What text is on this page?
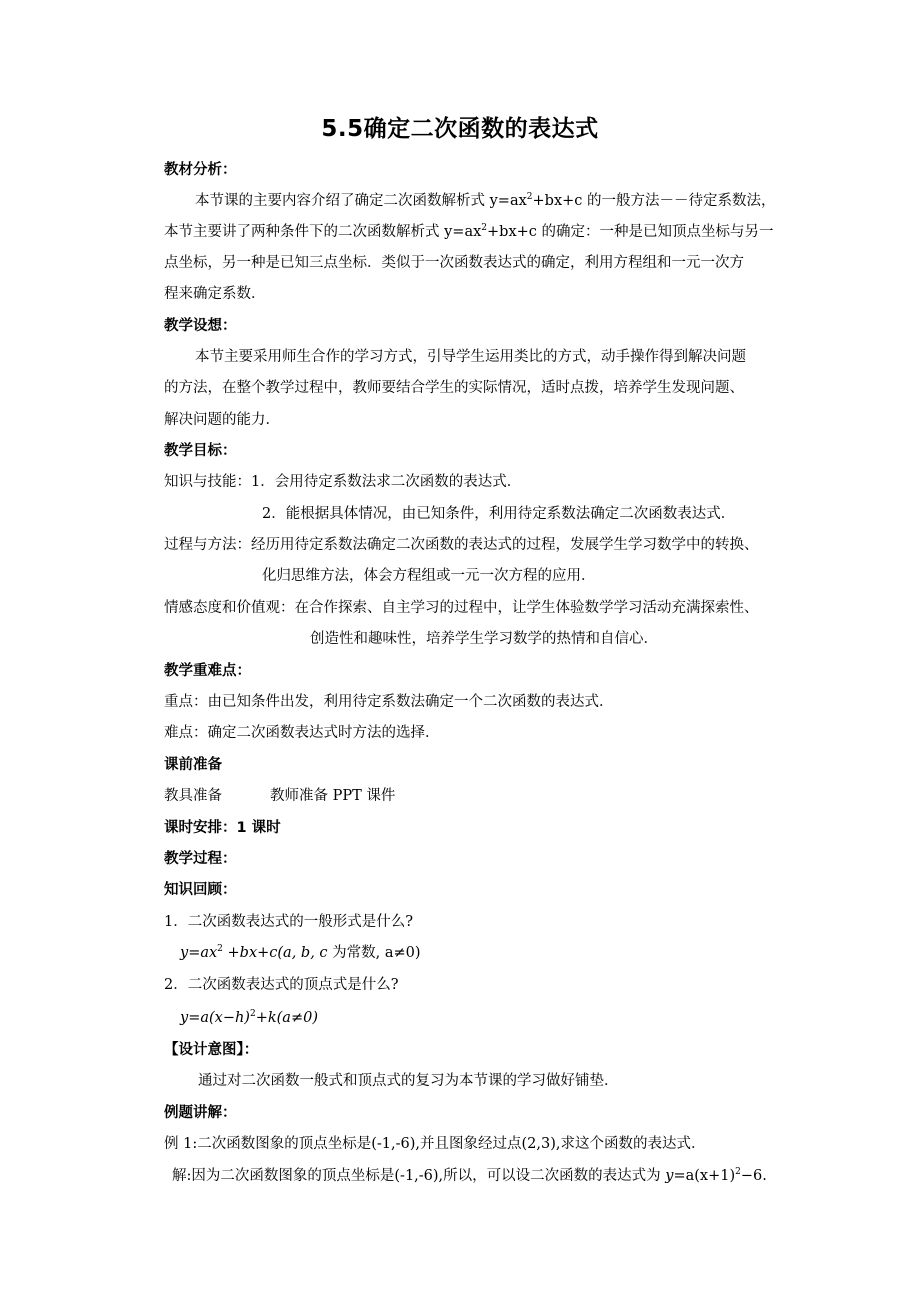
5.5确定二次函数的表达式
教材分析：
本节课的主要内容介绍了确定二次函数解析式 $y=ax^2+bx+c$ 的一般方法－－待定系数法，
本节主要讲了两种条件下的二次函数解析式 $y=ax^2+bx+c$ 的确定：一种是已知顶点坐标与另一
点坐标，另一种是已知三点坐标．类似于一次函数表达式的确定，利用方程组和一元一次方
程来确定系数．
教学设想：
本节主要采用师生合作的学习方式，引导学生运用类比的方式，动手操作得到解决问题
的方法，在整个教学过程中，教师要结合学生的实际情况，适时点拨，培养学生发现问题、
解决问题的能力．
教学目标：
知识与技能：1．会用待定系数法求二次函数的表达式．
2．能根据具体情况，由已知条件，利用待定系数法确定二次函数表达式．
过程与方法：经历用待定系数法确定二次函数的表达式的过程，发展学生学习数学中的转换、
化归思维方法，体会方程组或一元一次方程的应用．
情感态度和价值观：在合作探索、自主学习的过程中，让学生体验数学学习活动充满探索性、
创造性和趣味性，培养学生学习数学的热情和自信心．
教学重难点：
重点：由已知条件出发，利用待定系数法确定一个二次函数的表达式．
难点：确定二次函数表达式时方法的选择．
课前准备
教具准备	教师准备 PPT 课件
课时安排：1 课时
教学过程：
知识回顾：
1．二次函数表达式的一般形式是什么?
$y=ax^2 +bx+c(a$, b, c 为常数, a≠0)
2．二次函数表达式的顶点式是什么?
$y=a(x-h)^2+k(a\ne 0)$
【设计意图】：
通过对二次函数一般式和顶点式的复习为本节课的学习做好铺垫．
例题讲解：
例 1:二次函数图象的顶点坐标是(-1,-6),并且图象经过点(2,3),求这个函数的表达式．
解:因为二次函数图象的顶点坐标是(-1,-6),所以，可以设二次函数的表达式为 $y=a(x+1)^2-6$.
